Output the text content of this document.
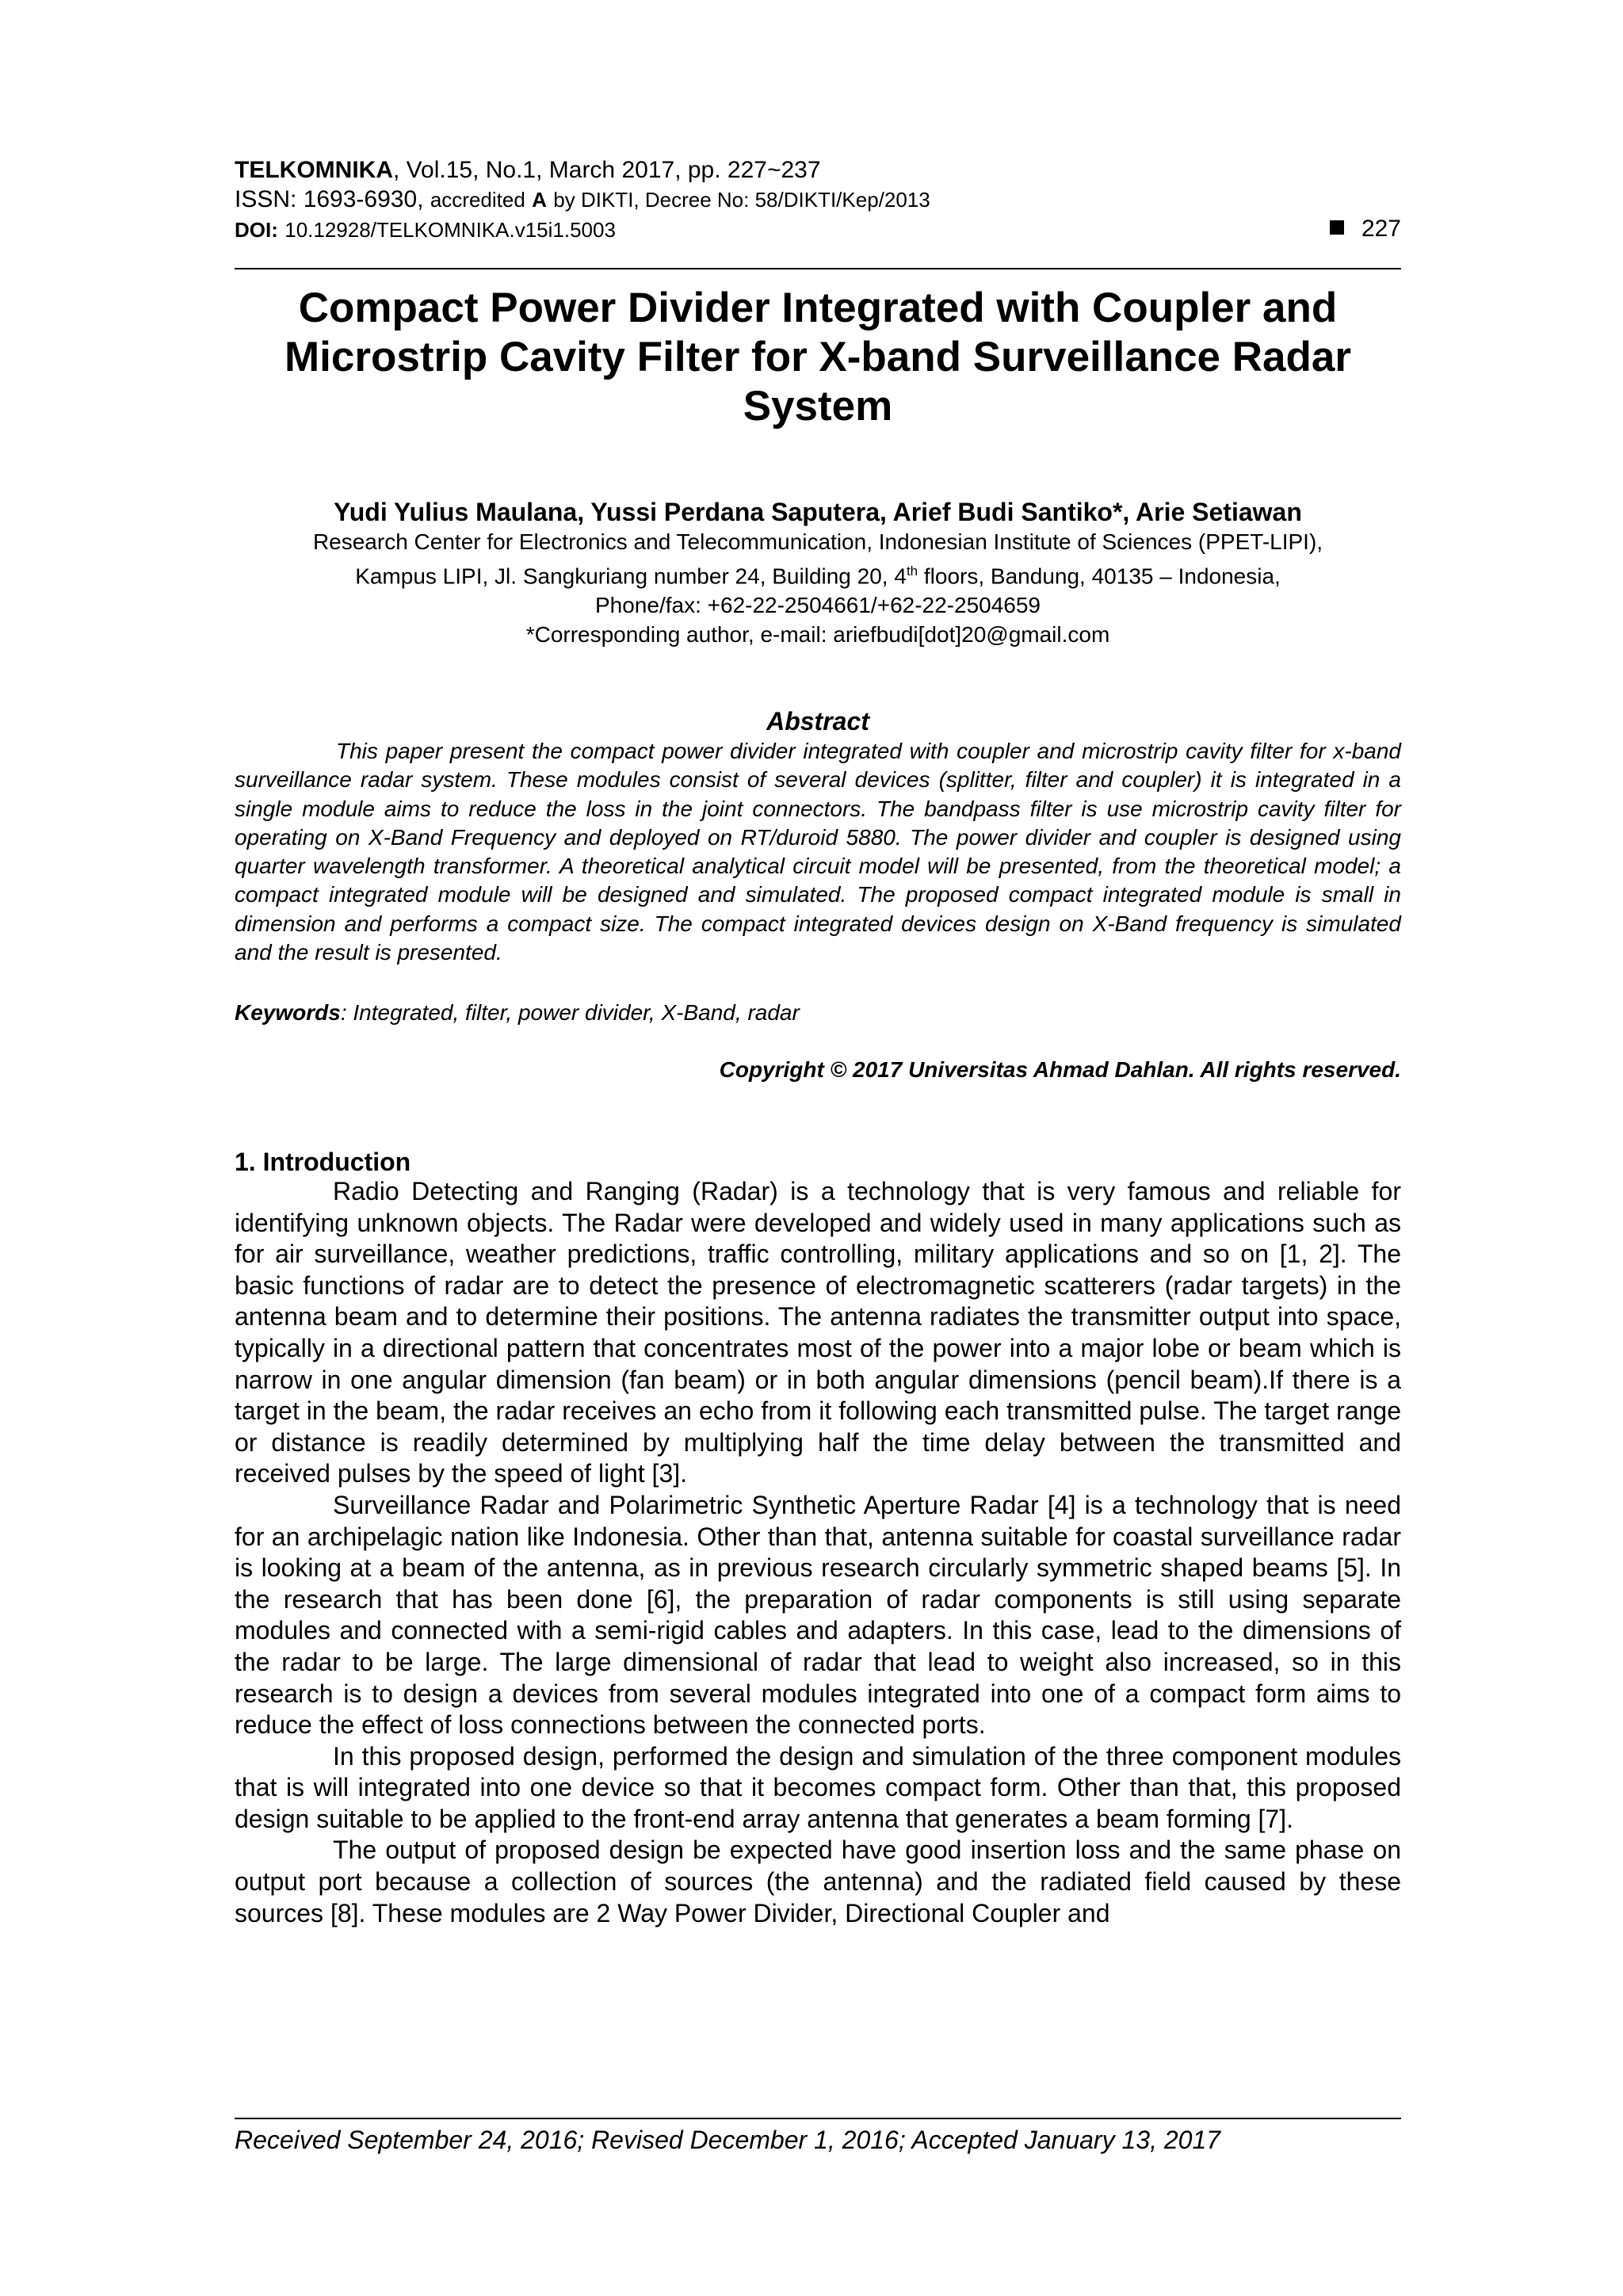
TELKOMNIKA, Vol.15, No.1, March 2017, pp. 227~237
ISSN: 1693-6930, accredited A by DIKTI, Decree No: 58/DIKTI/Kep/2013
DOI: 10.12928/TELKOMNIKA.v15i1.5003	227
Compact Power Divider Integrated with Coupler and
Microstrip Cavity Filter for X-band Surveillance Radar
System
Yudi Yulius Maulana, Yussi Perdana Saputera, Arief Budi Santiko*, Arie Setiawan
Research Center for Electronics and Telecommunication, Indonesian Institute of Sciences (PPET-LIPI),
Kampus LIPI, Jl. Sangkuriang number 24, Building 20, 4th floors, Bandung, 40135 – Indonesia,
Phone/fax: +62-22-2504661/+62-22-2504659
*Corresponding author, e-mail: ariefbudi[dot]20@gmail.com
Abstract
This paper present the compact power divider integrated with coupler and microstrip cavity filter for x-band surveillance radar system. These modules consist of several devices (splitter, filter and coupler) it is integrated in a single module aims to reduce the loss in the joint connectors. The bandpass filter is use microstrip cavity filter for operating on X-Band Frequency and deployed on RT/duroid 5880. The power divider and coupler is designed using quarter wavelength transformer. A theoretical analytical circuit model will be presented, from the theoretical model; a compact integrated module will be designed and simulated. The proposed compact integrated module is small in dimension and performs a compact size. The compact integrated devices design on X-Band frequency is simulated and the result is presented.
Keywords: Integrated, filter, power divider, X-Band, radar
Copyright © 2017 Universitas Ahmad Dahlan. All rights reserved.
1. Introduction

Radio Detecting and Ranging (Radar) is a technology that is very famous and reliable for identifying unknown objects. The Radar were developed and widely used in many applications such as for air surveillance, weather predictions, traffic controlling, military applications and so on [1, 2]. The basic functions of radar are to detect the presence of electromagnetic scatterers (radar targets) in the antenna beam and to determine their positions. The antenna radiates the transmitter output into space, typically in a directional pattern that concentrates most of the power into a major lobe or beam which is narrow in one angular dimension (fan beam) or in both angular dimensions (pencil beam).If there is a target in the beam, the radar receives an echo from it following each transmitted pulse. The target range or distance is readily determined by multiplying half the time delay between the transmitted and received pulses by the speed of light [3].

Surveillance Radar and Polarimetric Synthetic Aperture Radar [4] is a technology that is need for an archipelagic nation like Indonesia. Other than that, antenna suitable for coastal surveillance radar is looking at a beam of the antenna, as in previous research circularly symmetric shaped beams [5]. In the research that has been done [6], the preparation of radar components is still using separate modules and connected with a semi-rigid cables and adapters. In this case, lead to the dimensions of the radar to be large. The large dimensional of radar that lead to weight also increased, so in this research is to design a devices from several modules integrated into one of a compact form aims to reduce the effect of loss connections between the connected ports.

In this proposed design, performed the design and simulation of the three component modules that is will integrated into one device so that it becomes compact form. Other than that, this proposed design suitable to be applied to the front-end array antenna that generates a beam forming [7].

The output of proposed design be expected have good insertion loss and the same phase on output port because a collection of sources (the antenna) and the radiated field caused by these sources [8]. These modules are 2 Way Power Divider, Directional Coupler and

Received September 24, 2016; Revised December 1, 2016; Accepted January 13, 2017
